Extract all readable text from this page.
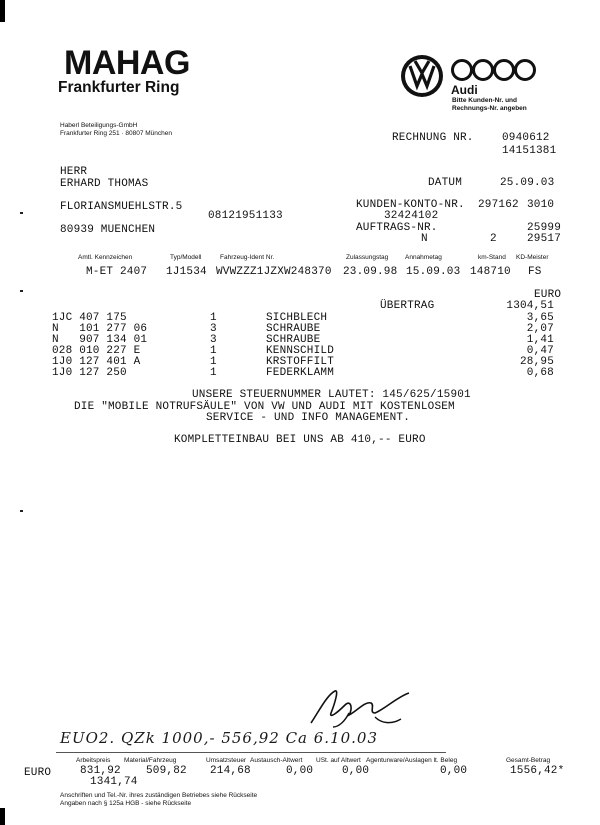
MAHAG
Frankfurter Ring	Audi
Bitte Kunden-Nr. und
Rechnungs-Nr. angeben
Haberl Beteiligungs-GmbH
Frankfurter Ring 251 · 80807 München	RECHNUNG NR.	0940612
14151381
HERR
ERHARD THOMAS
FLORIANSMUEHLSTR.5
08121951133
80939 MUENCHEN
DATUM	25.09.03
KUNDEN-KONTO-NR. 297162 3010
32424102
AUFTRAGS-NR.	25999
N	2	29517
Amtl. Kennzeichen	Typ/Modell	Fahrzeug-Ident Nr.	Zulassungstag	Annahmetag	km-Stand KD-Meister
M-ET 2407 1J1534 WVWZZZ1JZXW248370 23.09.98 15.09.03 148710 FS
EURO
ÜBERTRAG	1304,51
1JC 407 175	1	SICHBLECH	3,65
N   101 277 06	3	SCHRAUBE	2,07
N   907 134 01	3	SCHRAUBE	1,41
028 010 227 E	1	KENNSCHILD	0,47
1J0 127 401 A	1	KRSTOFFILT	28,95
1J0 127 250	1	FEDERKLAMM	0,68
UNSERE STEUERNUMMER LAUTET: 145/625/15901
DIE "MOBILE NOTRUFSÄULE" VON VW UND AUDI MIT KOSTENLOSEM
SERVICE - UND INFO MANAGEMENT.
KOMPLETTEINBAU BEI UNS AB 410,-- EURO
EUO2. QZk 1000,- 556,92 Ca 6.10.03
Arbeitspreis Material/Fahrzeug	Umsatzsteuer Austausch-Altwert USt. auf Altwert Agenturware/Auslagen lt. Beleg	Gesamt-Betrag
EURO	831,92 509,82 214,68	0,00	0,00	0,00	1556,42*
1341,74
Anschriften und Tel.-Nr. ihres zuständigen Betriebes siehe Rückseite
Angaben nach § 125a HGB - siehe Rückseite
